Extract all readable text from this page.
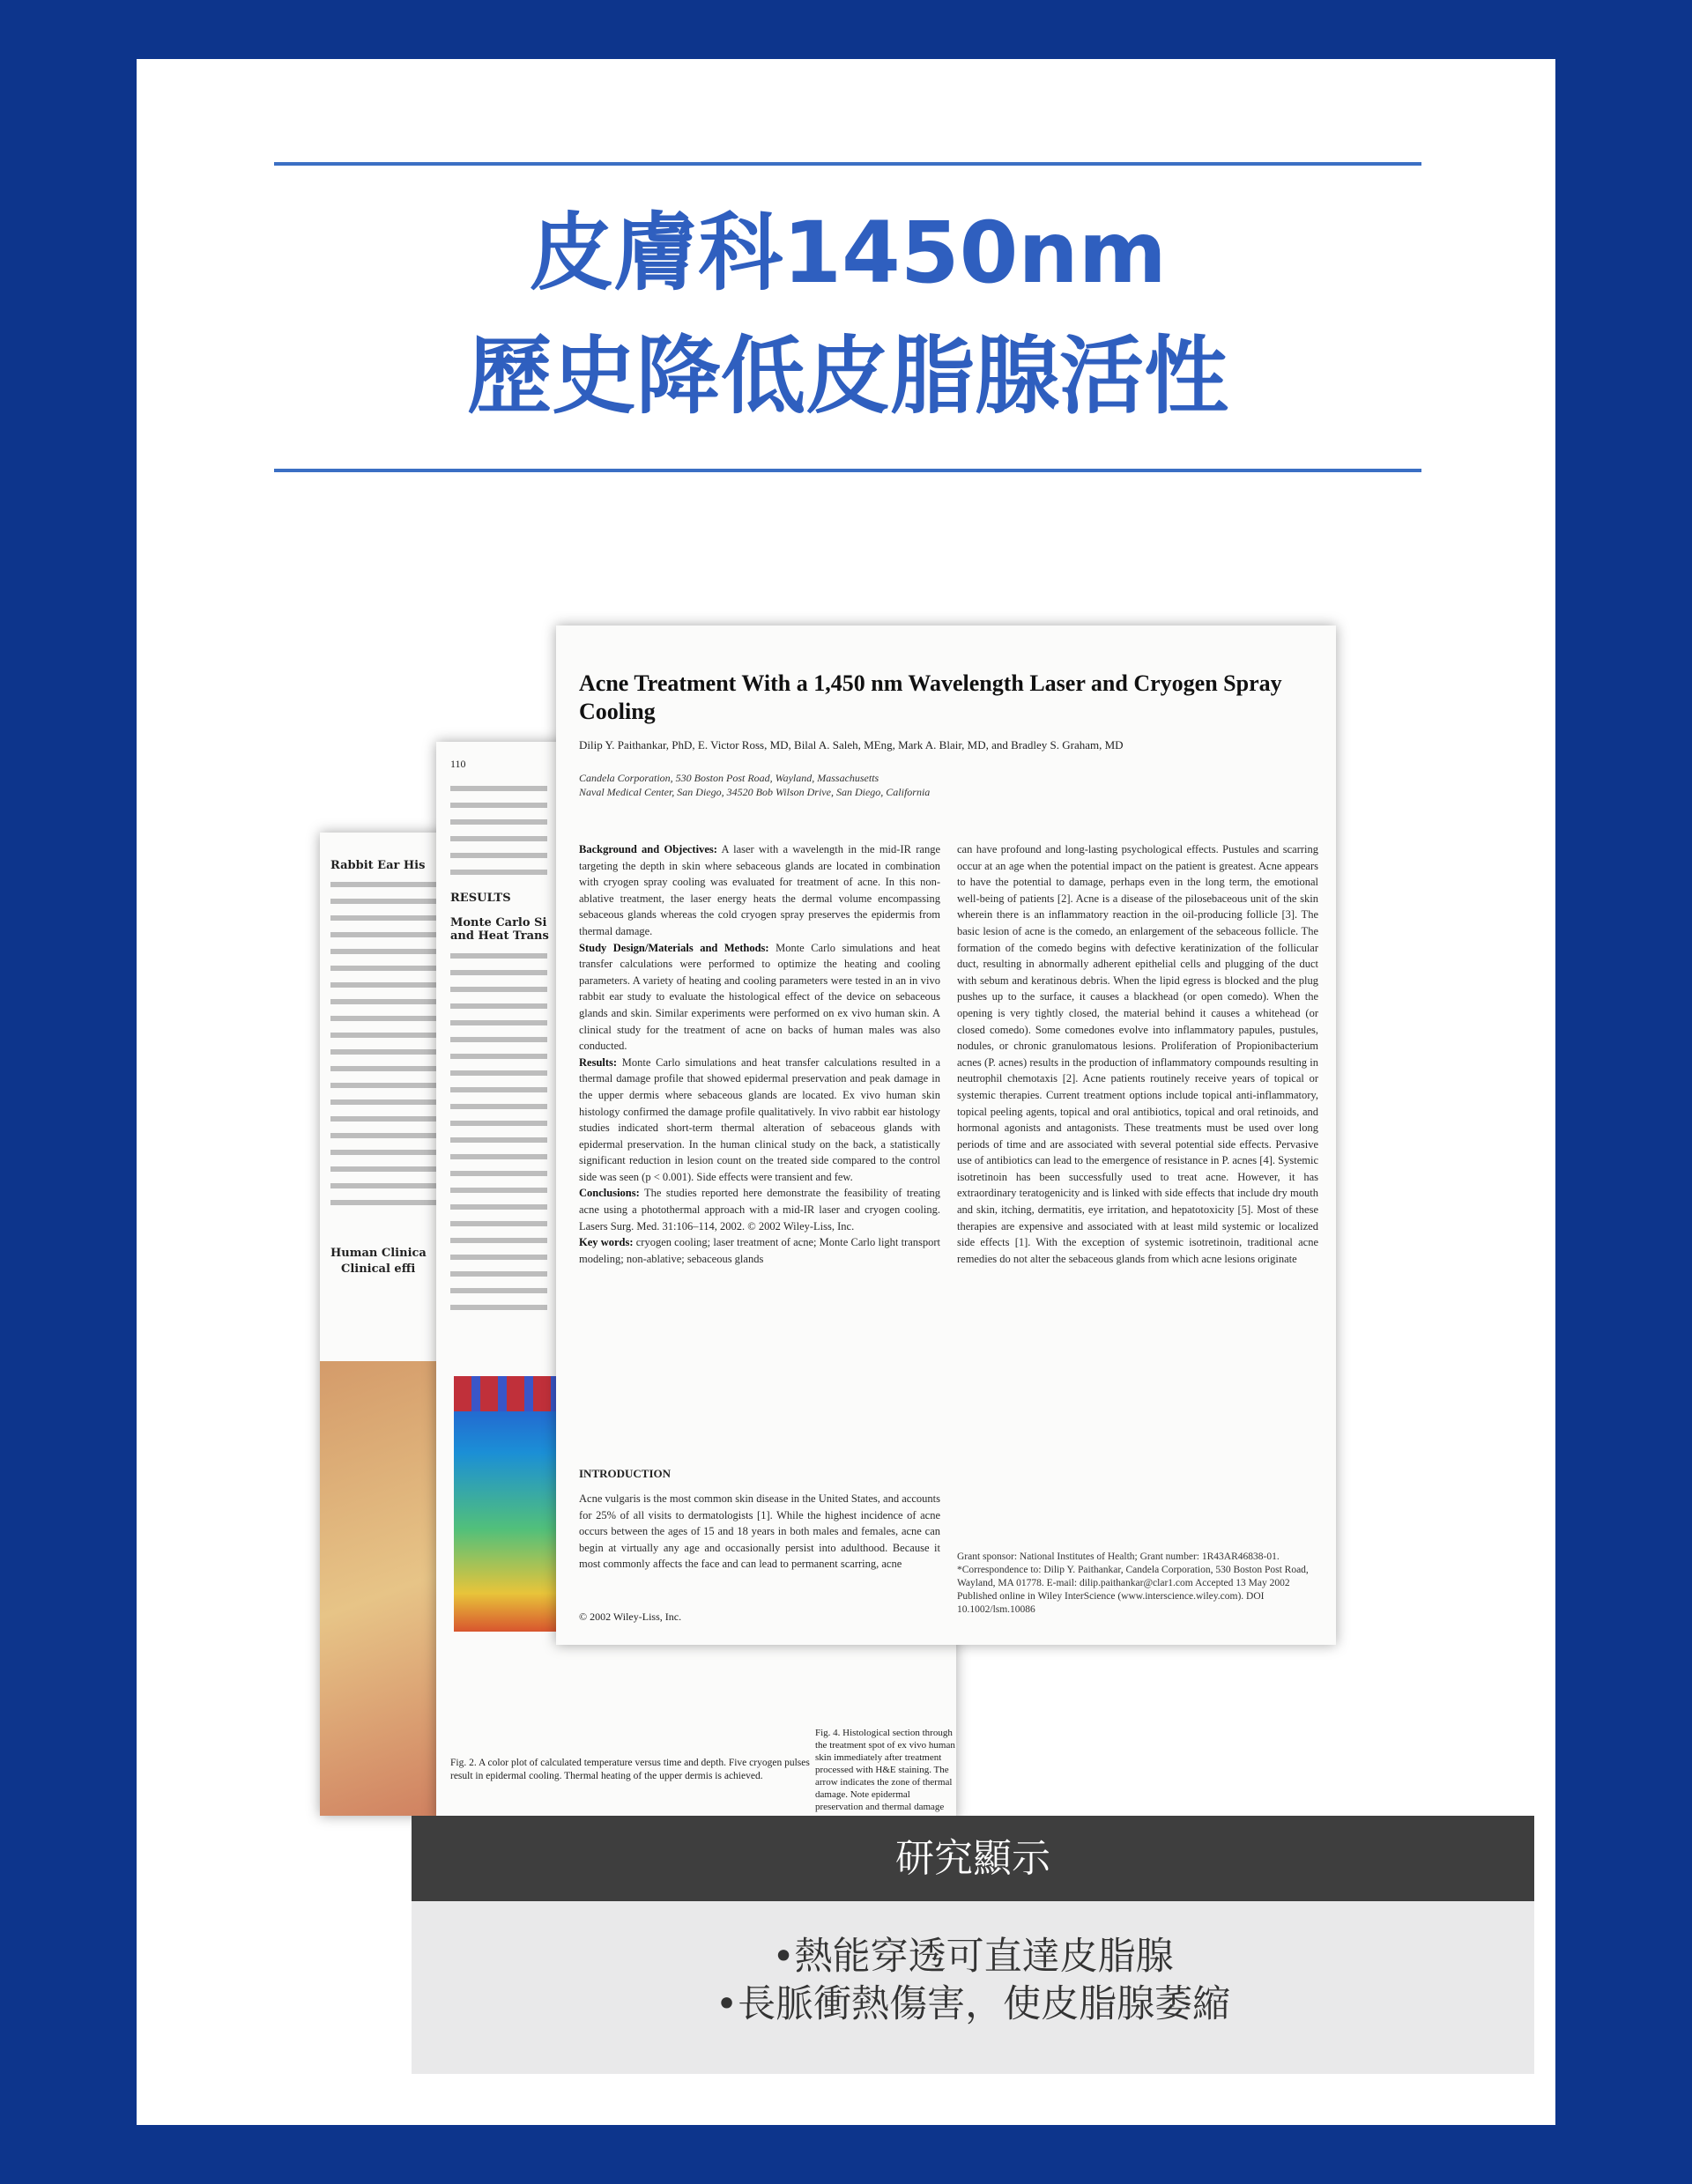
皮膚科1450nm
歷史降低皮脂腺活性
Rabbit Ear His
Human Clinica
Clinical effi
110
RESULTS
Monte Carlo Si and Heat Trans
Fig. 2. A color plot of calculated temperature versus time and depth. Five cryogen pulses result in epidermal cooling. Thermal heating of the upper dermis is achieved.
Fig. 4. Histological section through the treatment spot of ex vivo human skin immediately after treatment processed with H&E staining. The arrow indicates the zone of thermal damage. Note epidermal preservation and thermal damage
Acne Treatment With a 1,450 nm Wavelength Laser and Cryogen Spray Cooling
Dilip Y. Paithankar, PhD, E. Victor Ross, MD, Bilal A. Saleh, MEng, Mark A. Blair, MD, and Bradley S. Graham, MD
Candela Corporation, 530 Boston Post Road, Wayland, Massachusetts
Naval Medical Center, San Diego, 34520 Bob Wilson Drive, San Diego, California
Background and Objectives: A laser with a wavelength in the mid-IR range targeting the depth in skin where sebaceous glands are located in combination with cryogen spray cooling was evaluated for treatment of acne. In this non-ablative treatment, the laser energy heats the dermal volume encompassing sebaceous glands whereas the cold cryogen spray preserves the epidermis from thermal damage.
Study Design/Materials and Methods: Monte Carlo simulations and heat transfer calculations were performed to optimize the heating and cooling parameters. A variety of heating and cooling parameters were tested in an in vivo rabbit ear study to evaluate the histological effect of the device on sebaceous glands and skin. Similar experiments were performed on ex vivo human skin. A clinical study for the treatment of acne on backs of human males was also conducted.
Results: Monte Carlo simulations and heat transfer calculations resulted in a thermal damage profile that showed epidermal preservation and peak damage in the upper dermis where sebaceous glands are located. Ex vivo human skin histology confirmed the damage profile qualitatively. In vivo rabbit ear histology studies indicated short-term thermal alteration of sebaceous glands with epidermal preservation. In the human clinical study on the back, a statistically significant reduction in lesion count on the treated side compared to the control side was seen (p < 0.001). Side effects were transient and few.
Conclusions: The studies reported here demonstrate the feasibility of treating acne using a photothermal approach with a mid-IR laser and cryogen cooling. Lasers Surg. Med. 31:106–114, 2002. © 2002 Wiley-Liss, Inc.
Key words: cryogen cooling; laser treatment of acne; Monte Carlo light transport modeling; non-ablative; sebaceous glands
can have profound and long-lasting psychological effects. Pustules and scarring occur at an age when the potential impact on the patient is greatest. Acne appears to have the potential to damage, perhaps even in the long term, the emotional well-being of patients [2]. Acne is a disease of the pilosebaceous unit of the skin wherein there is an inflammatory reaction in the oil-producing follicle [3]. The basic lesion of acne is the comedo, an enlargement of the sebaceous follicle. The formation of the comedo begins with defective keratinization of the follicular duct, resulting in abnormally adherent epithelial cells and plugging of the duct with sebum and keratinous debris. When the lipid egress is blocked and the plug pushes up to the surface, it causes a blackhead (or open comedo). When the opening is very tightly closed, the material behind it causes a whitehead (or closed comedo). Some comedones evolve into inflammatory papules, pustules, nodules, or chronic granulomatous lesions. Proliferation of Propionibacterium acnes (P. acnes) results in the production of inflammatory compounds resulting in neutrophil chemotaxis [2]. Acne patients routinely receive years of topical or systemic therapies. Current treatment options include topical anti-inflammatory, topical peeling agents, topical and oral antibiotics, topical and oral retinoids, and hormonal agonists and antagonists. These treatments must be used over long periods of time and are associated with several potential side effects. Pervasive use of antibiotics can lead to the emergence of resistance in P. acnes [4]. Systemic isotretinoin has been successfully used to treat acne. However, it has extraordinary teratogenicity and is linked with side effects that include dry mouth and skin, itching, dermatitis, eye irritation, and hepatotoxicity [5]. Most of these therapies are expensive and associated with at least mild systemic or localized side effects [1]. With the exception of systemic isotretinoin, traditional acne remedies do not alter the sebaceous glands from which acne lesions originate
INTRODUCTION
Acne vulgaris is the most common skin disease in the United States, and accounts for 25% of all visits to dermatologists [1]. While the highest incidence of acne occurs between the ages of 15 and 18 years in both males and females, acne can begin at virtually any age and occasionally persist into adulthood. Because it most commonly affects the face and can lead to permanent scarring, acne
Grant sponsor: National Institutes of Health; Grant number: 1R43AR46838-01. *Correspondence to: Dilip Y. Paithankar, Candela Corporation, 530 Boston Post Road, Wayland, MA 01778. E-mail: dilip.paithankar@clar1.com Accepted 13 May 2002 Published online in Wiley InterScience (www.interscience.wiley.com). DOI 10.1002/lsm.10086
© 2002 Wiley-Liss, Inc.
研究顯示
•熱能穿透可直達皮脂腺
•長脈衝熱傷害，使皮脂腺萎縮
